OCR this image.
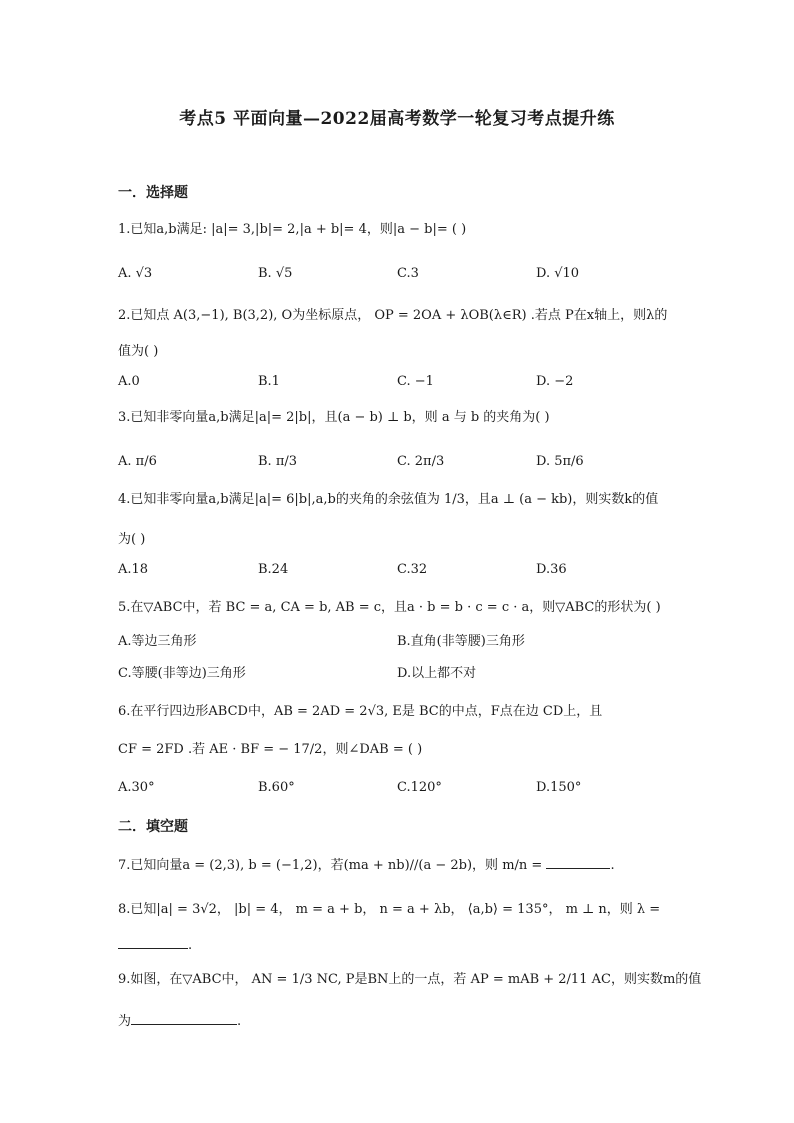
考点5 平面向量—2022届高考数学一轮复习考点提升练
一．选择题
1.已知a,b满足: |a|= 3,|b|= 2,|a + b|= 4，则|a − b|= ( )
A. √3	B. √5	C.3	D. √10
2.已知点 A(3,−1), B(3,2), O为坐标原点， OP = 2OA + λOB(λ∈R) .若点 P在x轴上，则λ的
值为( )
A.0	B.1	C. −1	D. −2
3.已知非零向量a,b满足|a|= 2|b|，且(a − b) ⊥ b，则 a 与 b 的夹角为( )
A. π/6	B. π/3	C. 2π/3	D. 5π/6
4.已知非零向量a,b满足|a|= 6|b|,a,b的夹角的余弦值为 1/3，且a ⊥ (a − kb)，则实数k的值
为( )
A.18	B.24	C.32	D.36
5.在▽ABC中，若 BC = a, CA = b, AB = c，且a · b = b · c = c · a，则▽ABC的形状为( )
A.等边三角形	B.直角(非等腰)三角形
C.等腰(非等边)三角形	D.以上都不对
6.在平行四边形ABCD中，AB = 2AD = 2√3, E是 BC的中点，F点在边 CD上，且
CF = 2FD .若 AE · BF = − 17/2，则∠DAB = ( )
A.30°	B.60°	C.120°	D.150°
二．填空题
7.已知向量a = (2,3), b = (−1,2)，若(ma + nb)//(a − 2b)，则 m/n =	.
8.已知|a| = 3√2， |b| = 4， m = a + b， n = a + λb， ⟨a,b⟩ = 135°， m ⊥ n，则 λ =
.
9.如图，在▽ABC中， AN = 1/3 NC, P是BN上的一点，若 AP = mAB + 2/11 AC，则实数m的值
为	.
